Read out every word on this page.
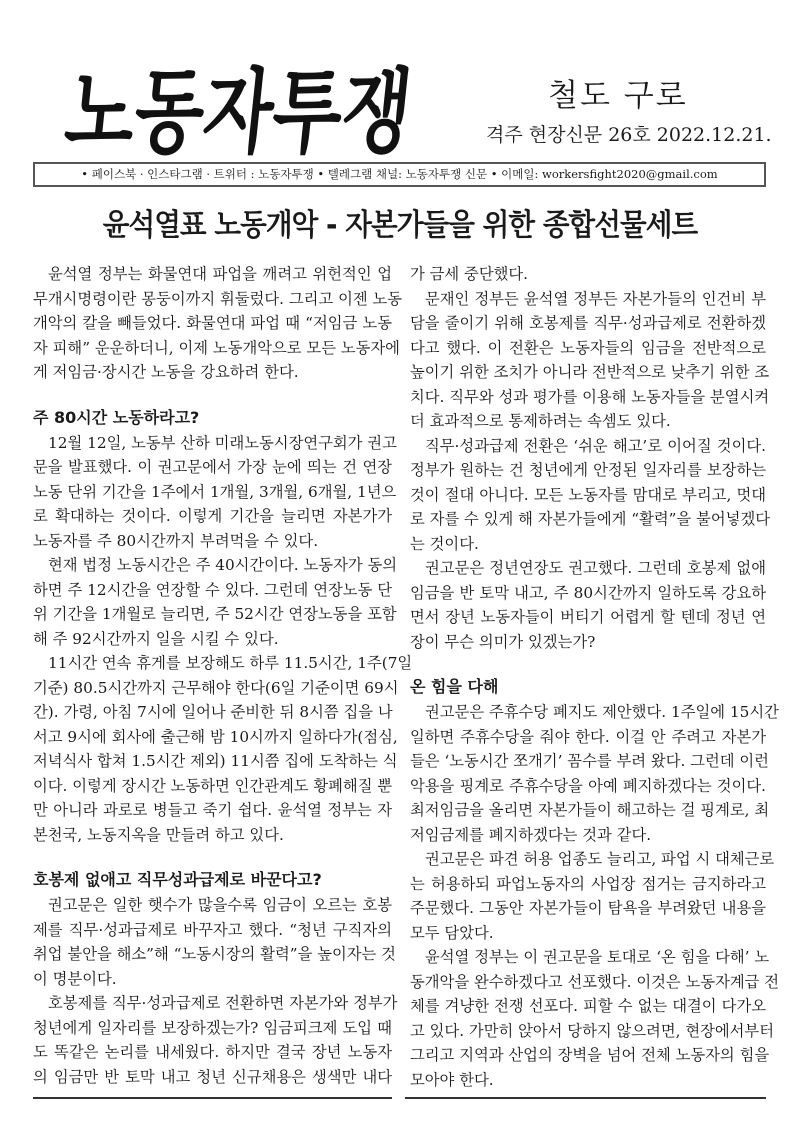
노동자투쟁 철도 구로
격주 현장신문 26호 2022.12.21.
• 페이스북 · 인스타그램 · 트위터 : 노동자투쟁 • 텔레그램 채널: 노동자투쟁 신문 • 이메일: workersfight2020@gmail.com
윤석열표 노동개악 - 자본가들을 위한 종합선물세트
윤석열 정부는 화물연대 파업을 깨려고 위헌적인 업
무개시명령이란 몽둥이까지 휘둘렀다. 그리고 이젠 노동
개악의 칼을 빼들었다. 화물연대 파업 때 “저임금 노동
자 피해” 운운하더니, 이제 노동개악으로 모든 노동자에
게 저임금·장시간 노동을 강요하려 한다.
주 80시간 노동하라고?
12월 12일, 노동부 산하 미래노동시장연구회가 권고
문을 발표했다. 이 권고문에서 가장 눈에 띄는 건 연장
노동 단위 기간을 1주에서 1개월, 3개월, 6개월, 1년으
로 확대하는 것이다. 이렇게 기간을 늘리면 자본가가
노동자를 주 80시간까지 부려먹을 수 있다.
현재 법정 노동시간은 주 40시간이다. 노동자가 동의
하면 주 12시간을 연장할 수 있다. 그런데 연장노동 단
위 기간을 1개월로 늘리면, 주 52시간 연장노동을 포함
해 주 92시간까지 일을 시킬 수 있다.
11시간 연속 휴게를 보장해도 하루 11.5시간, 1주(7일
기준) 80.5시간까지 근무해야 한다(6일 기준이면 69시
간). 가령, 아침 7시에 일어나 준비한 뒤 8시쯤 집을 나
서고 9시에 회사에 출근해 밤 10시까지 일하다가(점심,
저녁식사 합쳐 1.5시간 제외) 11시쯤 집에 도착하는 식
이다. 이렇게 장시간 노동하면 인간관계도 황폐해질 뿐
만 아니라 과로로 병들고 죽기 쉽다. 윤석열 정부는 자
본천국, 노동지옥을 만들려 하고 있다.
호봉제 없애고 직무성과급제로 바꾼다고?
권고문은 일한 햇수가 많을수록 임금이 오르는 호봉
제를 직무·성과급제로 바꾸자고 했다. “청년 구직자의
취업 불안을 해소”해 “노동시장의 활력”을 높이자는 것
이 명분이다.
호봉제를 직무·성과급제로 전환하면 자본가와 정부가
청년에게 일자리를 보장하겠는가? 임금피크제 도입 때
도 똑같은 논리를 내세웠다. 하지만 결국 장년 노동자
의 임금만 반 토막 내고 청년 신규채용은 생색만 내다
가 금세 중단했다.
문재인 정부든 윤석열 정부든 자본가들의 인건비 부
담을 줄이기 위해 호봉제를 직무·성과급제로 전환하겠
다고 했다. 이 전환은 노동자들의 임금을 전반적으로
높이기 위한 조치가 아니라 전반적으로 낮추기 위한 조
치다. 직무와 성과 평가를 이용해 노동자들을 분열시켜
더 효과적으로 통제하려는 속셈도 있다.
직무·성과급제 전환은 ‘쉬운 해고’로 이어질 것이다.
정부가 원하는 건 청년에게 안정된 일자리를 보장하는
것이 절대 아니다. 모든 노동자를 맘대로 부리고, 멋대
로 자를 수 있게 해 자본가들에게 “활력”을 불어넣겠다
는 것이다.
권고문은 정년연장도 권고했다. 그런데 호봉제 없애
임금을 반 토막 내고, 주 80시간까지 일하도록 강요하
면서 장년 노동자들이 버티기 어렵게 할 텐데 정년 연
장이 무슨 의미가 있겠는가?
온 힘을 다해
권고문은 주휴수당 폐지도 제안했다. 1주일에 15시간
일하면 주휴수당을 줘야 한다. 이걸 안 주려고 자본가
들은 ‘노동시간 쪼개기’ 꼼수를 부려 왔다. 그런데 이런
악용을 핑계로 주휴수당을 아예 폐지하겠다는 것이다.
최저임금을 올리면 자본가들이 해고하는 걸 핑계로, 최
저임금제를 폐지하겠다는 것과 같다.
권고문은 파견 허용 업종도 늘리고, 파업 시 대체근로
는 허용하되 파업노동자의 사업장 점거는 금지하라고
주문했다. 그동안 자본가들이 탐욕을 부려왔던 내용을
모두 담았다.
윤석열 정부는 이 권고문을 토대로 ‘온 힘을 다해’ 노
동개악을 완수하겠다고 선포했다. 이것은 노동자계급 전
체를 겨냥한 전쟁 선포다. 피할 수 없는 대결이 다가오
고 있다. 가만히 앉아서 당하지 않으려면, 현장에서부터
그리고 지역과 산업의 장벽을 넘어 전체 노동자의 힘을
모아야 한다.
